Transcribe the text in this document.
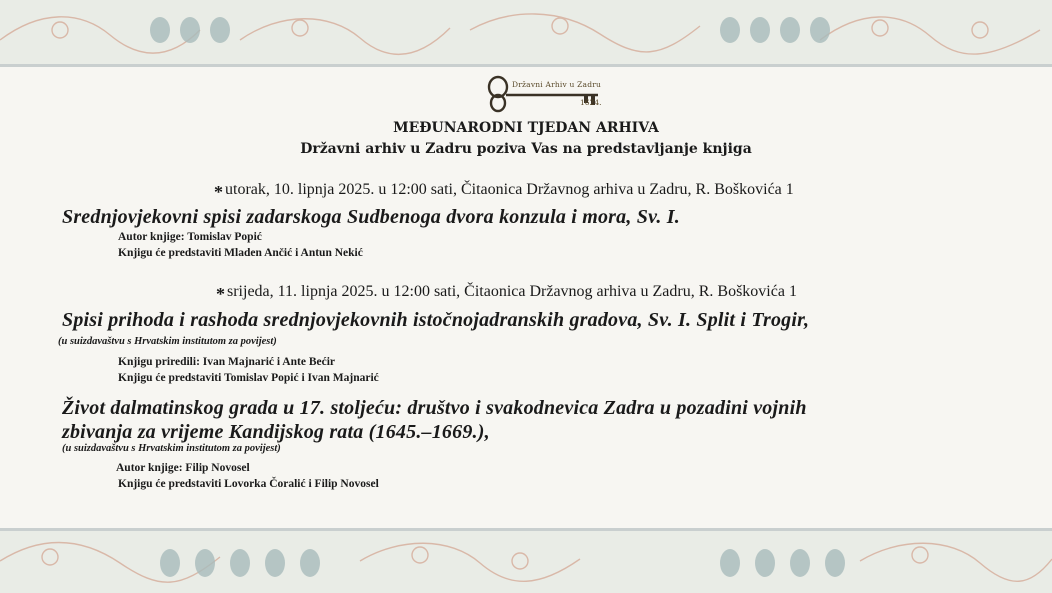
Državni Arhiv u Zadru
1624.
MEĐUNARODNI TJEDAN ARHIVA
Državni arhiv u Zadru poziva Vas na predstavljanje knjiga
* utorak, 10. lipnja 2025. u 12:00 sati, Čitaonica Državnog arhiva u Zadru, R. Boškovića 1
Srednjovjekovni spisi zadarskoga Sudbenoga dvora konzula i mora, Sv. I.
Autor knjige: Tomislav Popić
Knjigu će predstaviti Mladen Ančić i Antun Nekić
* srijeda, 11. lipnja 2025. u 12:00 sati, Čitaonica Državnog arhiva u Zadru, R. Boškovića 1
Spisi prihoda i rashoda srednjovjekovnih istočnojadranskih gradova, Sv. I. Split i Trogir,
(u suizdavaštvu s Hrvatskim institutom za povijest)
Knjigu priredili: Ivan Majnarić i Ante Bećir
Knjigu će predstaviti Tomislav Popić i Ivan Majnarić
Život dalmatinskog grada u 17. stoljeću: društvo i svakodnevica Zadra u pozadini vojnih
zbivanja za vrijeme Kandijskog rata (1645.–1669.),
(u suizdavaštvu s Hrvatskim institutom za povijest)
Autor knjige: Filip Novosel
Knjigu će predstaviti Lovorka Čoralić i Filip Novosel
